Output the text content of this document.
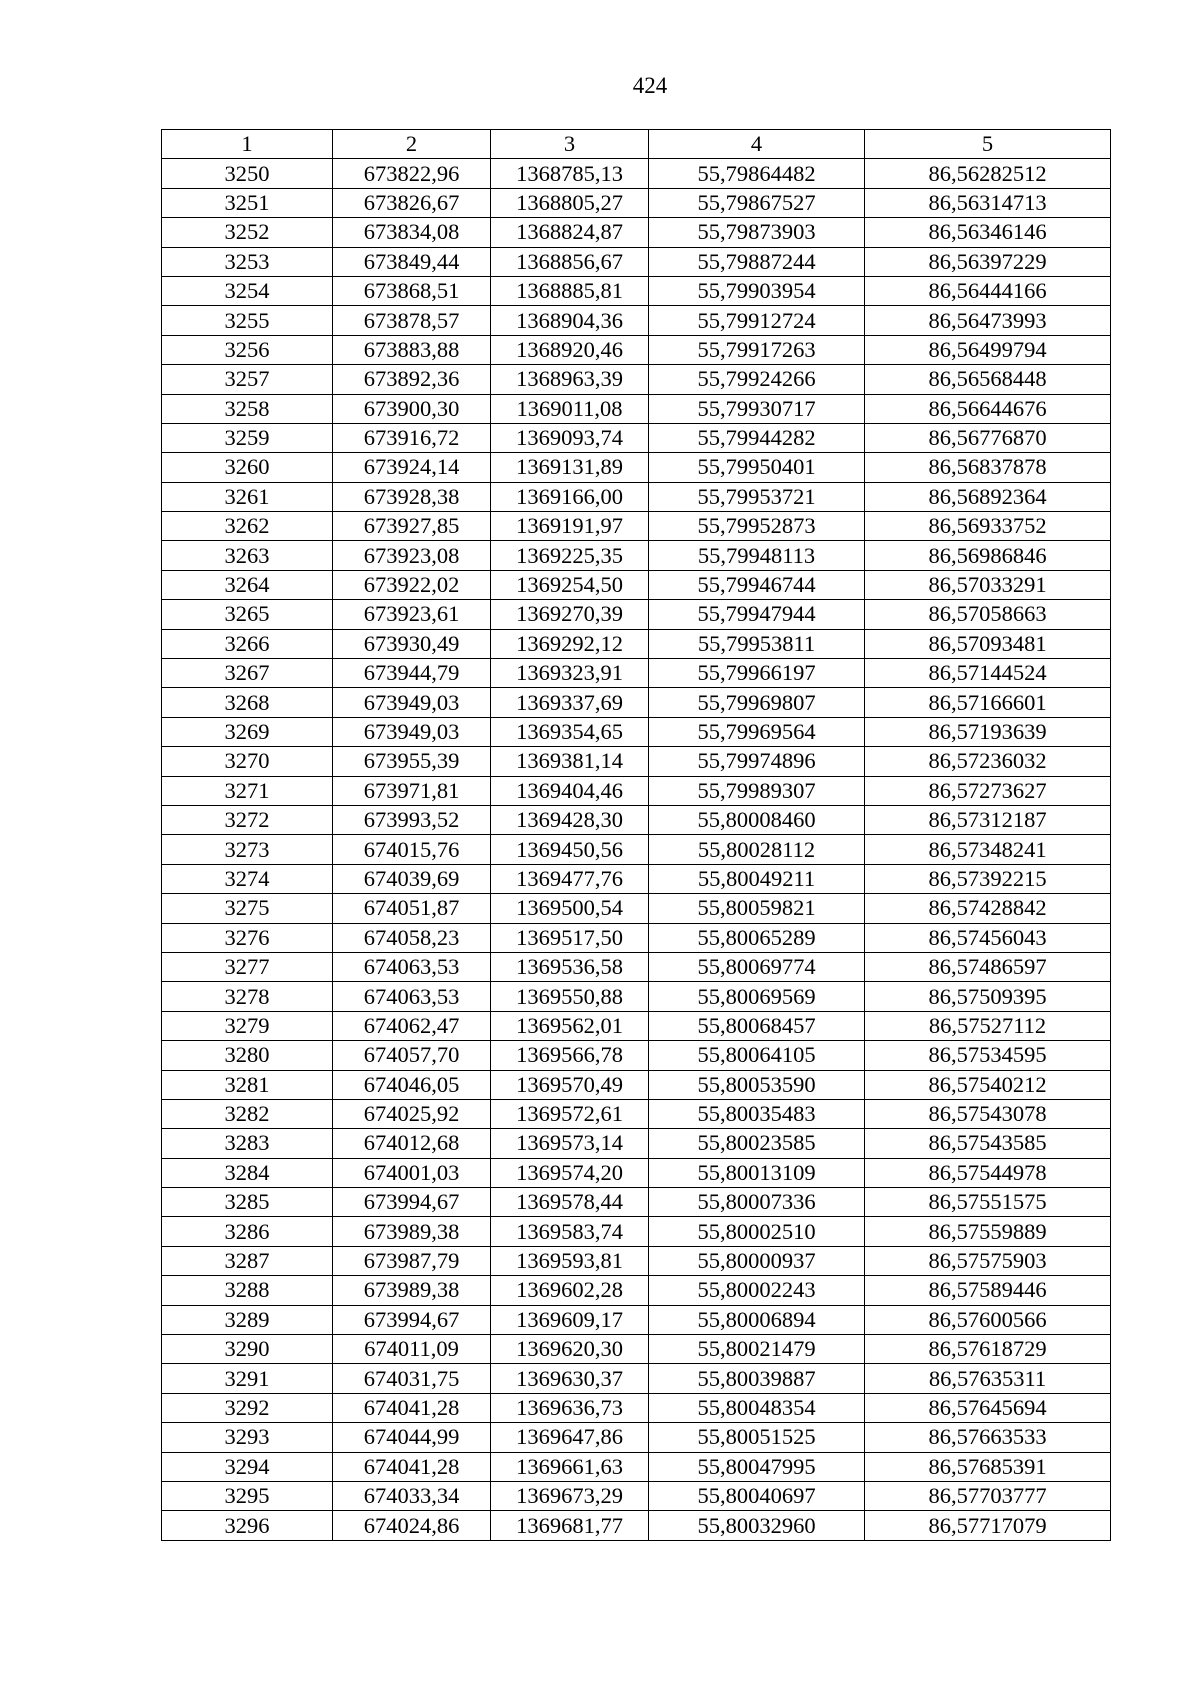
424
1	2	3	4	5
3250	673822,96	1368785,13	55,79864482	86,56282512
3251	673826,67	1368805,27	55,79867527	86,56314713
3252	673834,08	1368824,87	55,79873903	86,56346146
3253	673849,44	1368856,67	55,79887244	86,56397229
3254	673868,51	1368885,81	55,79903954	86,56444166
3255	673878,57	1368904,36	55,79912724	86,56473993
3256	673883,88	1368920,46	55,79917263	86,56499794
3257	673892,36	1368963,39	55,79924266	86,56568448
3258	673900,30	1369011,08	55,79930717	86,56644676
3259	673916,72	1369093,74	55,79944282	86,56776870
3260	673924,14	1369131,89	55,79950401	86,56837878
3261	673928,38	1369166,00	55,79953721	86,56892364
3262	673927,85	1369191,97	55,79952873	86,56933752
3263	673923,08	1369225,35	55,79948113	86,56986846
3264	673922,02	1369254,50	55,79946744	86,57033291
3265	673923,61	1369270,39	55,79947944	86,57058663
3266	673930,49	1369292,12	55,79953811	86,57093481
3267	673944,79	1369323,91	55,79966197	86,57144524
3268	673949,03	1369337,69	55,79969807	86,57166601
3269	673949,03	1369354,65	55,79969564	86,57193639
3270	673955,39	1369381,14	55,79974896	86,57236032
3271	673971,81	1369404,46	55,79989307	86,57273627
3272	673993,52	1369428,30	55,80008460	86,57312187
3273	674015,76	1369450,56	55,80028112	86,57348241
3274	674039,69	1369477,76	55,80049211	86,57392215
3275	674051,87	1369500,54	55,80059821	86,57428842
3276	674058,23	1369517,50	55,80065289	86,57456043
3277	674063,53	1369536,58	55,80069774	86,57486597
3278	674063,53	1369550,88	55,80069569	86,57509395
3279	674062,47	1369562,01	55,80068457	86,57527112
3280	674057,70	1369566,78	55,80064105	86,57534595
3281	674046,05	1369570,49	55,80053590	86,57540212
3282	674025,92	1369572,61	55,80035483	86,57543078
3283	674012,68	1369573,14	55,80023585	86,57543585
3284	674001,03	1369574,20	55,80013109	86,57544978
3285	673994,67	1369578,44	55,80007336	86,57551575
3286	673989,38	1369583,74	55,80002510	86,57559889
3287	673987,79	1369593,81	55,80000937	86,57575903
3288	673989,38	1369602,28	55,80002243	86,57589446
3289	673994,67	1369609,17	55,80006894	86,57600566
3290	674011,09	1369620,30	55,80021479	86,57618729
3291	674031,75	1369630,37	55,80039887	86,57635311
3292	674041,28	1369636,73	55,80048354	86,57645694
3293	674044,99	1369647,86	55,80051525	86,57663533
3294	674041,28	1369661,63	55,80047995	86,57685391
3295	674033,34	1369673,29	55,80040697	86,57703777
3296	674024,86	1369681,77	55,80032960	86,57717079
